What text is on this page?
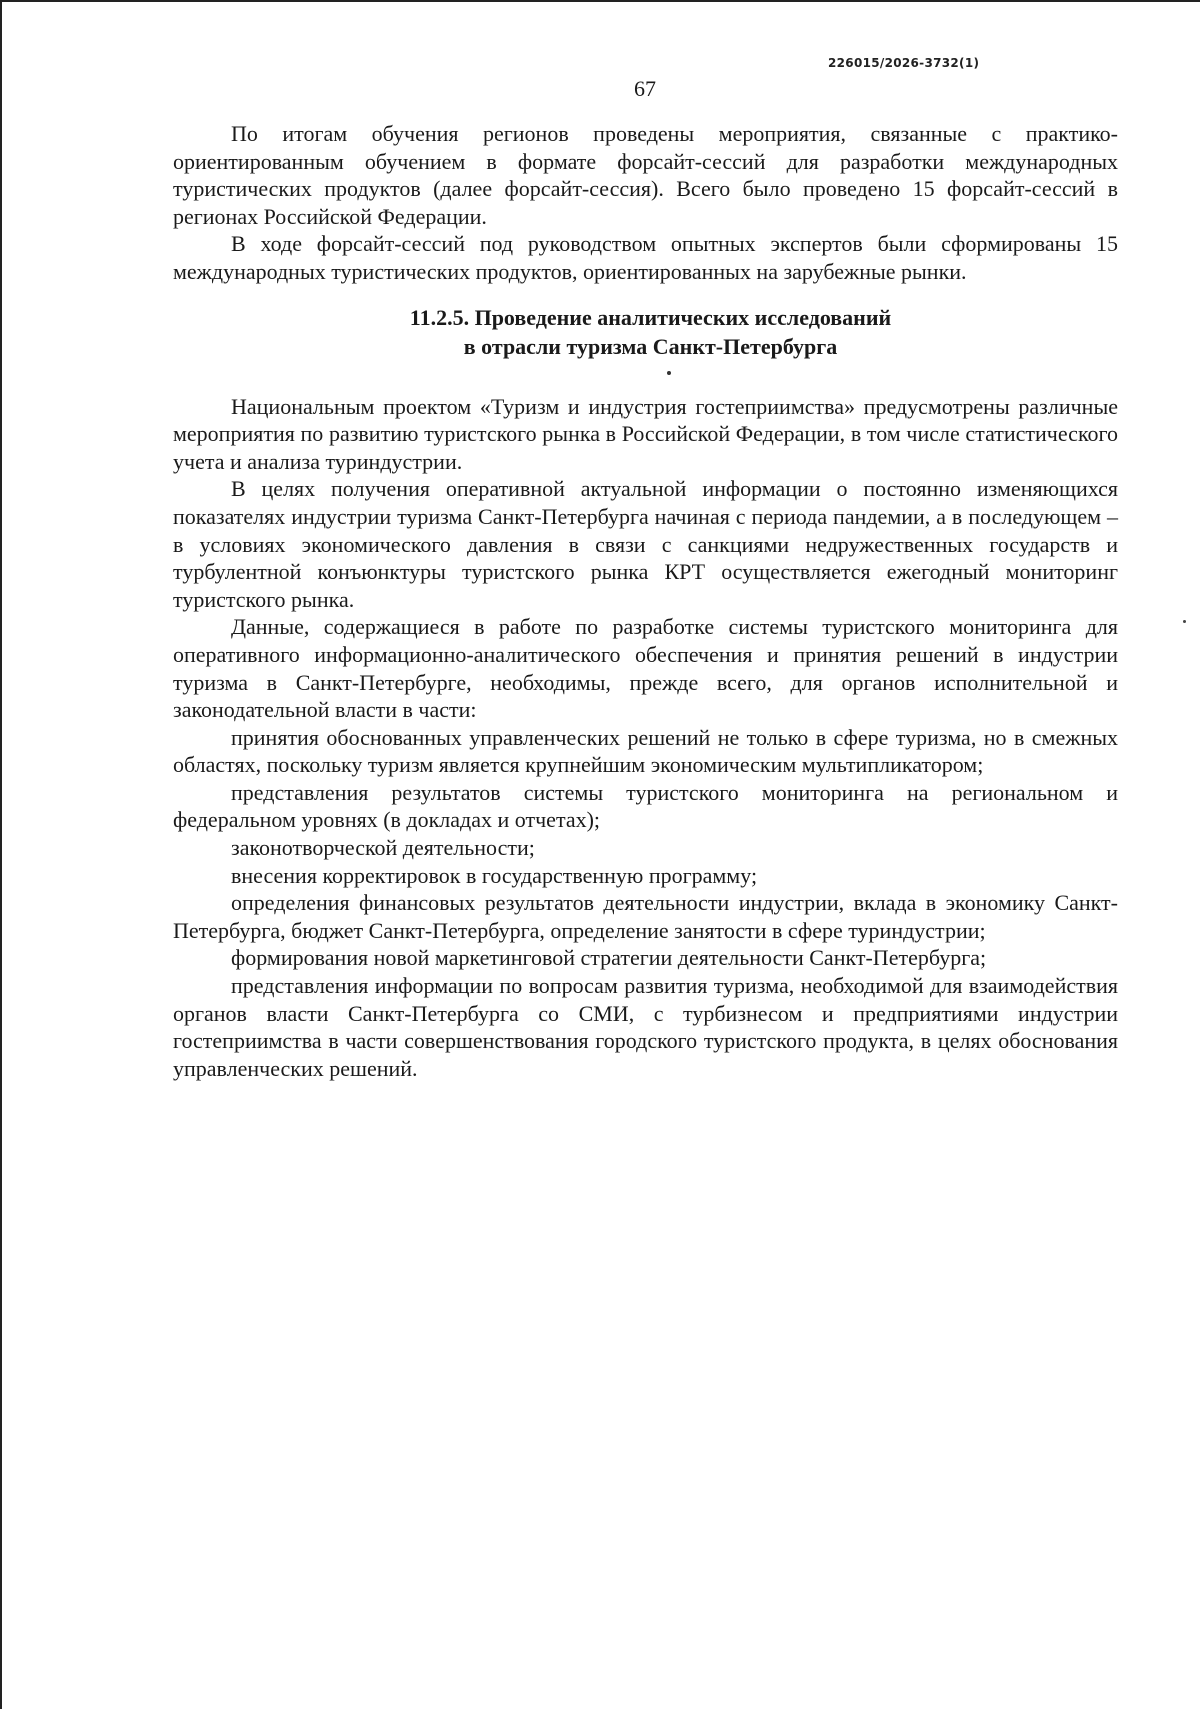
226015/2026-3732(1)
67

По итогам обучения регионов проведены мероприятия, связанные с практико-ориентированным обучением в формате форсайт-сессий для разработки международных туристических продуктов (далее форсайт-сессия). Всего было проведено 15 форсайт-сессий в регионах Российской Федерации.

В ходе форсайт-сессий под руководством опытных экспертов были сформированы 15 международных туристических продуктов, ориентированных на зарубежные рынки.

11.2.5. Проведение аналитических исследований
в отрасли туризма Санкт-Петербурга

Национальным проектом «Туризм и индустрия гостеприимства» предусмотрены различные мероприятия по развитию туристского рынка в Российской Федерации, в том числе статистического учета и анализа туриндустрии.

В целях получения оперативной актуальной информации о постоянно изменяющихся показателях индустрии туризма Санкт-Петербурга начиная с периода пандемии, а в последующем – в условиях экономического давления в связи с санкциями недружественных государств и турбулентной конъюнктуры туристского рынка КРТ осуществляется ежегодный мониторинг туристского рынка.

Данные, содержащиеся в работе по разработке системы туристского мониторинга для оперативного информационно-аналитического обеспечения и принятия решений в индустрии туризма в Санкт-Петербурге, необходимы, прежде всего, для органов исполнительной и законодательной власти в части:

принятия обоснованных управленческих решений не только в сфере туризма, но в смежных областях, поскольку туризм является крупнейшим экономическим мультипликатором;

представления результатов системы туристского мониторинга на региональном и федеральном уровнях (в докладах и отчетах);

законотворческой деятельности;

внесения корректировок в государственную программу;

определения финансовых результатов деятельности индустрии, вклада в экономику Санкт-Петербурга, бюджет Санкт-Петербурга, определение занятости в сфере туриндустрии;

формирования новой маркетинговой стратегии деятельности Санкт-Петербурга;

представления информации по вопросам развития туризма, необходимой для взаимодействия органов власти Санкт-Петербурга со СМИ, с турбизнесом и предприятиями индустрии гостеприимства в части совершенствования городского туристского продукта, в целях обоснования управленческих решений.
